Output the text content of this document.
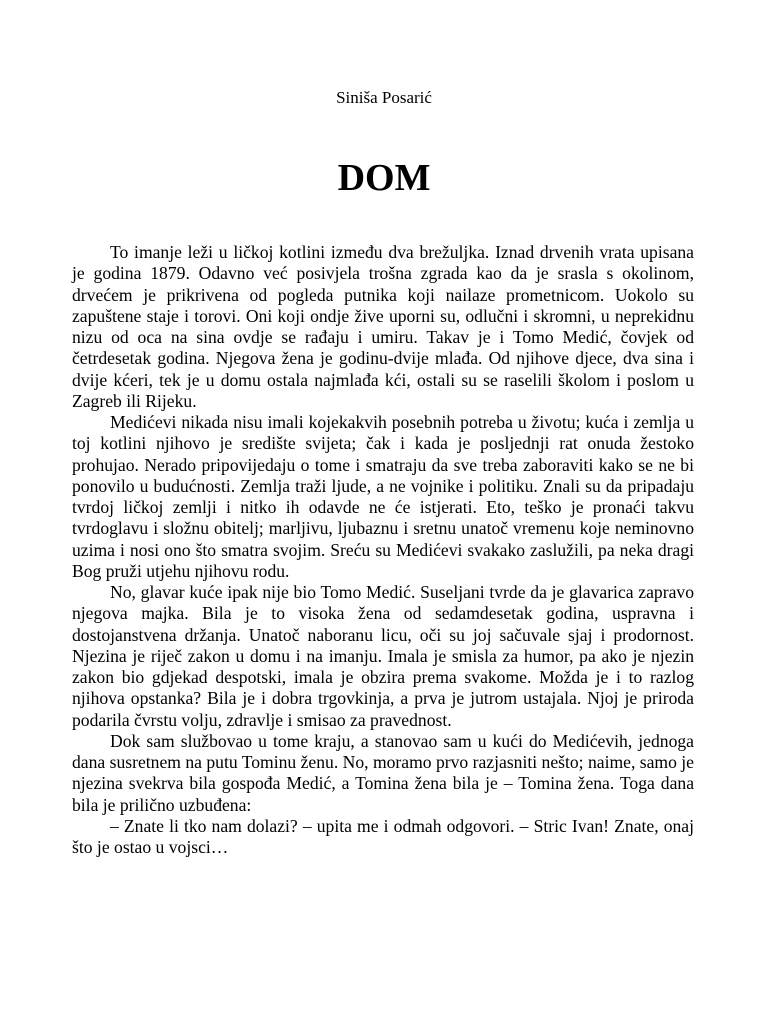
Siniša Posarić
DOM

To imanje leži u ličkoj kotlini između dva brežuljka. Iznad drvenih vrata upisana je godina 1879. Odavno već posivjela trošna zgrada kao da je srasla s okolinom, drvećem je prikrivena od pogleda putnika koji nailaze prometnicom. Uokolo su zapuštene staje i torovi. Oni koji ondje žive uporni su, odlučni i skromni, u neprekidnu nizu od oca na sina ovdje se rađaju i umiru. Takav je i Tomo Medić, čovjek od četrdesetak godina. Njegova žena je godinu-dvije mlađa. Od njihove djece, dva sina i dvije kćeri, tek je u domu ostala najmlađa kći, ostali su se raselili školom i poslom u Zagreb ili Rijeku.

Medićevi nikada nisu imali kojekakvih posebnih potreba u životu; kuća i zemlja u toj kotlini njihovo je središte svijeta; čak i kada je posljednji rat onuda žestoko prohujao. Nerado pripovijedaju o tome i smatraju da sve treba zaboraviti kako se ne bi ponovilo u budućnosti. Zemlja traži ljude, a ne vojnike i politiku. Znali su da pripadaju tvrdoj ličkoj zemlji i nitko ih odavde ne će istjerati. Eto, teško je pronaći takvu tvrdoglavu i složnu obitelj; marljivu, ljubaznu i sretnu unatoč vremenu koje neminovno uzima i nosi ono što smatra svojim. Sreću su Medićevi svakako zaslužili, pa neka dragi Bog pruži utjehu njihovu rodu.

No, glavar kuće ipak nije bio Tomo Medić. Suseljani tvrde da je glavarica zapravo njegova majka. Bila je to visoka žena od sedamdesetak godina, uspravna i dostojanstvena držanja. Unatoč naboranu licu, oči su joj sačuvale sjaj i prodornost. Njezina je riječ zakon u domu i na imanju. Imala je smisla za humor, pa ako je njezin zakon bio gdjekad despotski, imala je obzira prema svakome. Možda je i to razlog njihova opstanka? Bila je i dobra trgovkinja, a prva je jutrom ustajala. Njoj je priroda podarila čvrstu volju, zdravlje i smisao za pravednost.

Dok sam službovao u tome kraju, a stanovao sam u kući do Medićevih, jednoga dana susretnem na putu Tominu ženu. No, moramo prvo razjasniti nešto; naime, samo je njezina svekrva bila gospođa Medić, a Tomina žena bila je – Tomina žena. Toga dana bila je prilično uzbuđena:

– Znate li tko nam dolazi? – upita me i odmah odgovori. – Stric Ivan! Znate, onaj što je ostao u vojsci…
